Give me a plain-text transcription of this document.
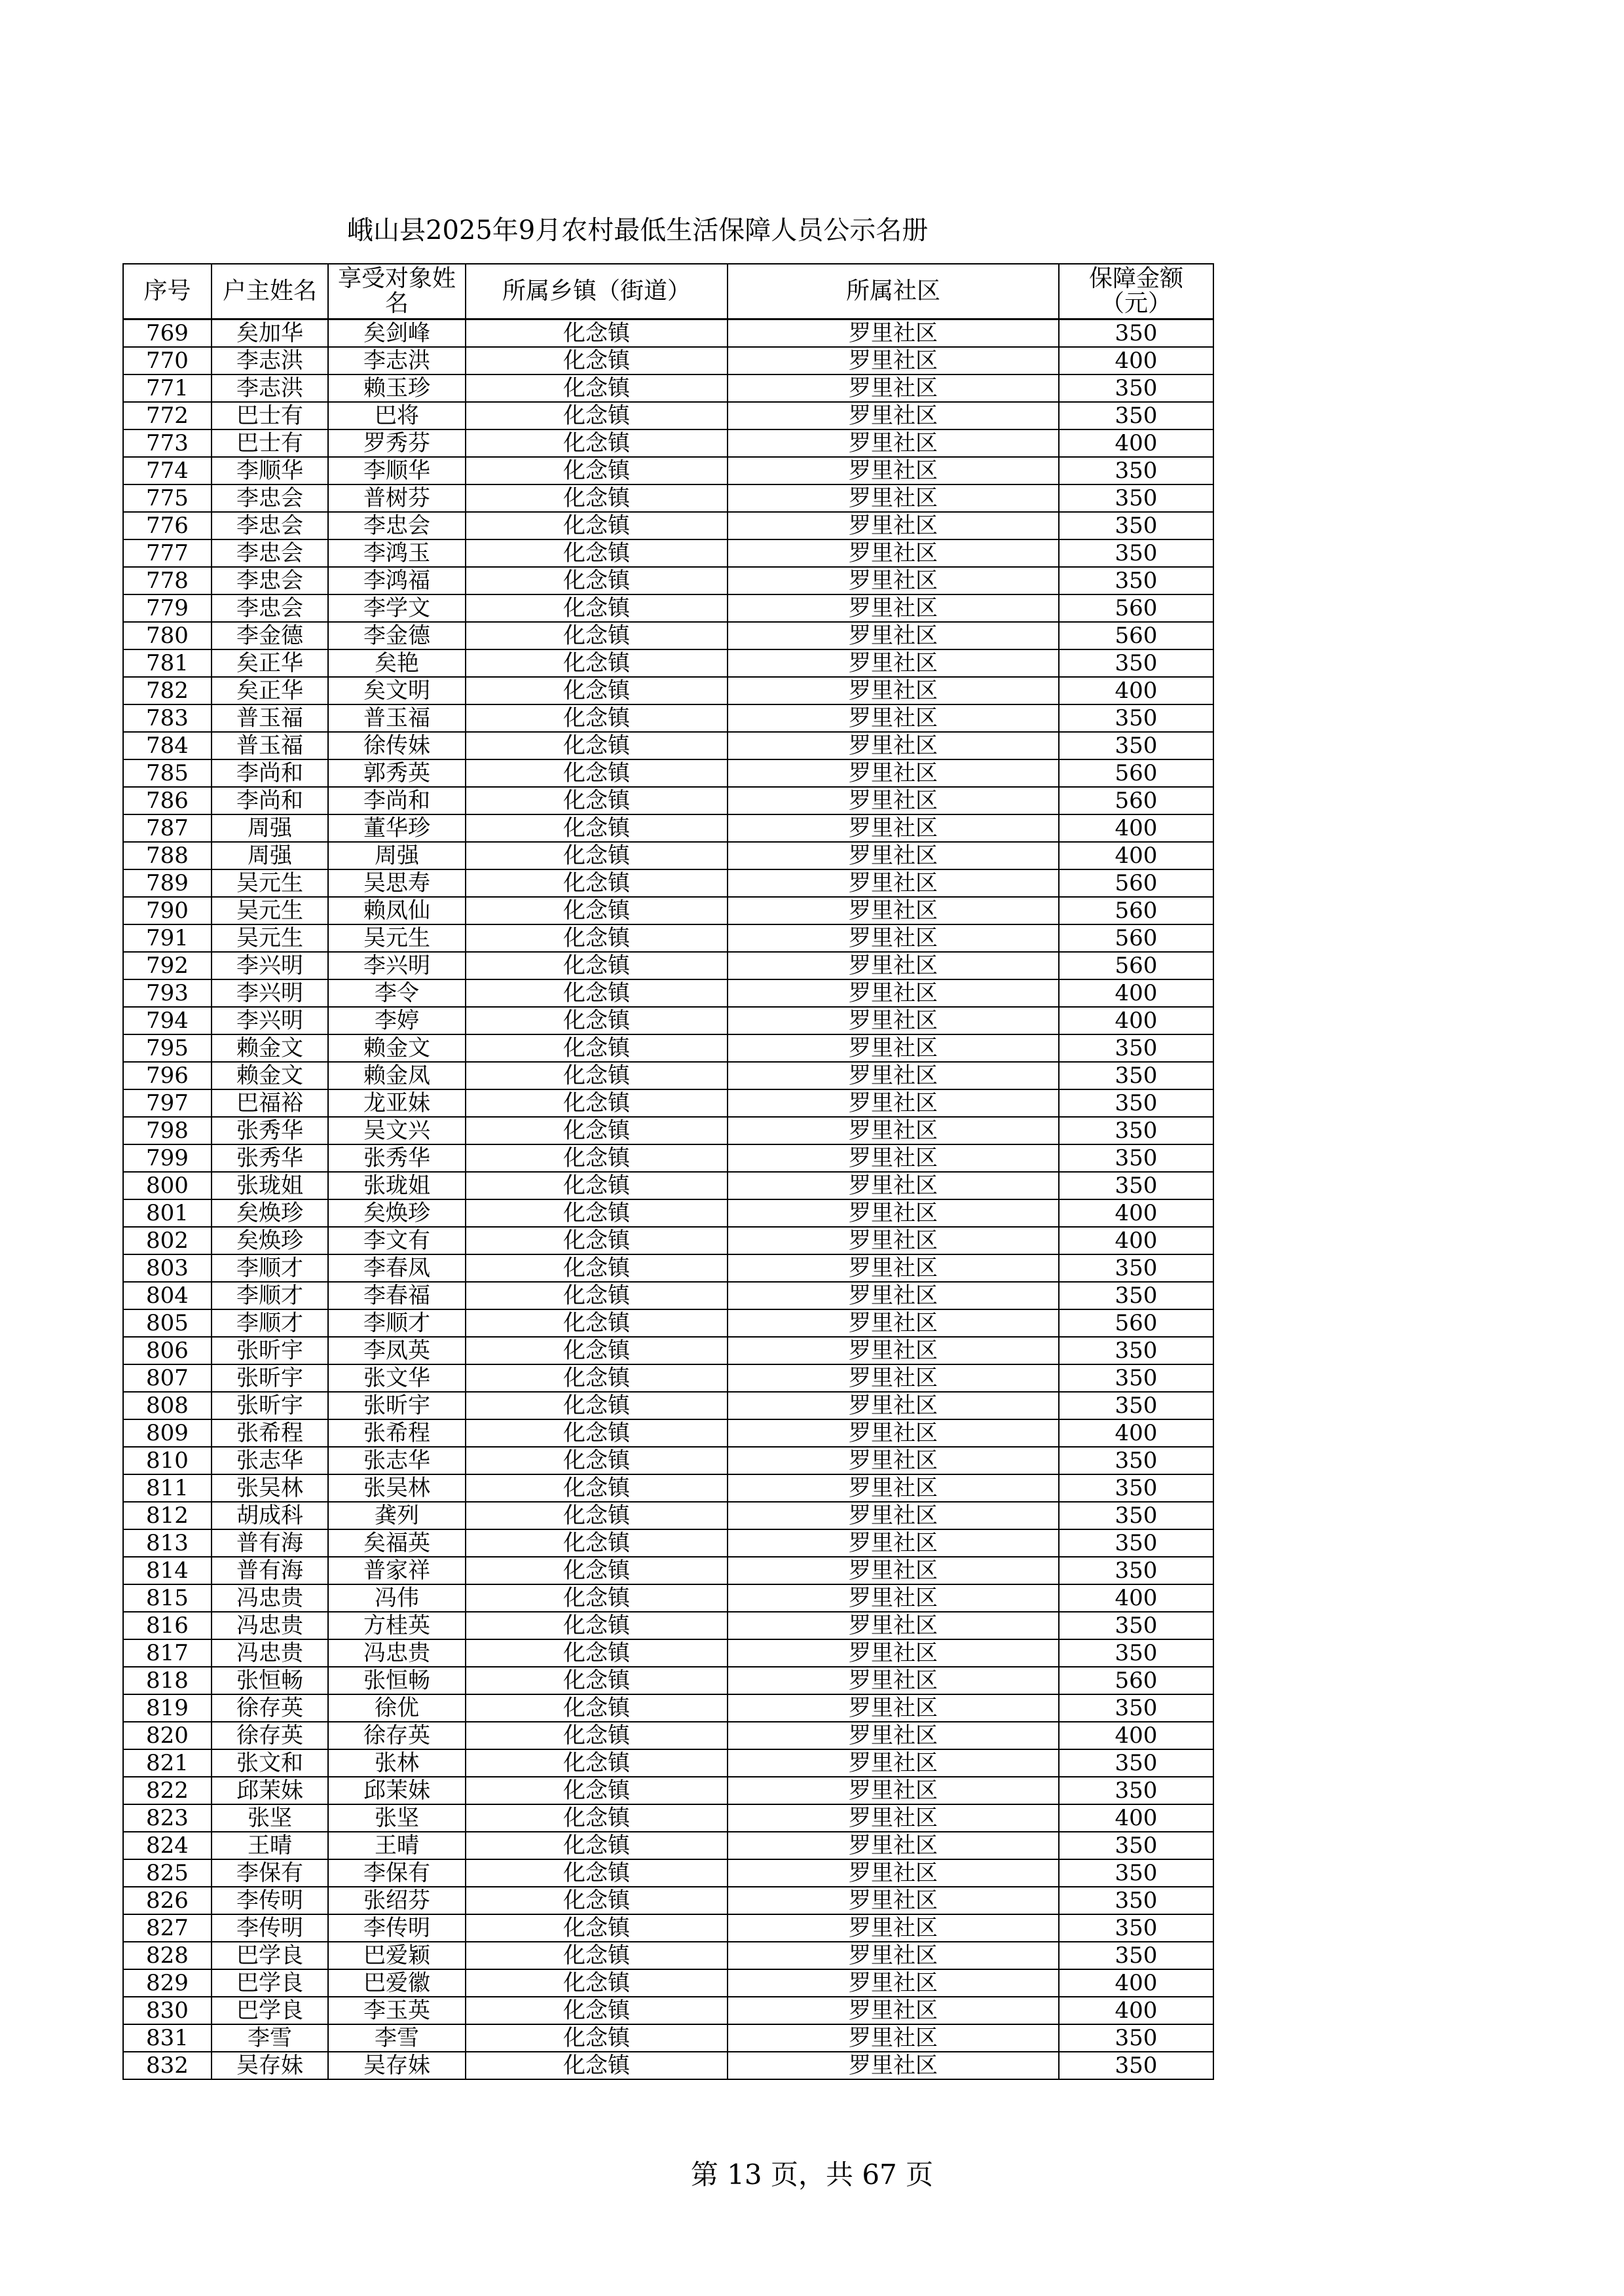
峨山县2025年9月农村最低生活保障人员公示名册
序号	户主姓名	享受对象姓名	所属乡镇（街道）	所属社区	保障金额（元）
769	矣加华	矣剑峰	化念镇	罗里社区	350
770	李志洪	李志洪	化念镇	罗里社区	400
771	李志洪	赖玉珍	化念镇	罗里社区	350
772	巴士有	巴将	化念镇	罗里社区	350
773	巴士有	罗秀芬	化念镇	罗里社区	400
774	李顺华	李顺华	化念镇	罗里社区	350
775	李忠会	普树芬	化念镇	罗里社区	350
776	李忠会	李忠会	化念镇	罗里社区	350
777	李忠会	李鸿玉	化念镇	罗里社区	350
778	李忠会	李鸿福	化念镇	罗里社区	350
779	李忠会	李学文	化念镇	罗里社区	560
780	李金德	李金德	化念镇	罗里社区	560
781	矣正华	矣艳	化念镇	罗里社区	350
782	矣正华	矣文明	化念镇	罗里社区	400
783	普玉福	普玉福	化念镇	罗里社区	350
784	普玉福	徐传妹	化念镇	罗里社区	350
785	李尚和	郭秀英	化念镇	罗里社区	560
786	李尚和	李尚和	化念镇	罗里社区	560
787	周强	董华珍	化念镇	罗里社区	400
788	周强	周强	化念镇	罗里社区	400
789	吴元生	吴思寿	化念镇	罗里社区	560
790	吴元生	赖凤仙	化念镇	罗里社区	560
791	吴元生	吴元生	化念镇	罗里社区	560
792	李兴明	李兴明	化念镇	罗里社区	560
793	李兴明	李令	化念镇	罗里社区	400
794	李兴明	李婷	化念镇	罗里社区	400
795	赖金文	赖金文	化念镇	罗里社区	350
796	赖金文	赖金凤	化念镇	罗里社区	350
797	巴福裕	龙亚妹	化念镇	罗里社区	350
798	张秀华	吴文兴	化念镇	罗里社区	350
799	张秀华	张秀华	化念镇	罗里社区	350
800	张珑姐	张珑姐	化念镇	罗里社区	350
801	矣焕珍	矣焕珍	化念镇	罗里社区	400
802	矣焕珍	李文有	化念镇	罗里社区	400
803	李顺才	李春凤	化念镇	罗里社区	350
804	李顺才	李春福	化念镇	罗里社区	350
805	李顺才	李顺才	化念镇	罗里社区	560
806	张昕宇	李凤英	化念镇	罗里社区	350
807	张昕宇	张文华	化念镇	罗里社区	350
808	张昕宇	张昕宇	化念镇	罗里社区	350
809	张希程	张希程	化念镇	罗里社区	400
810	张志华	张志华	化念镇	罗里社区	350
811	张吴林	张吴林	化念镇	罗里社区	350
812	胡成科	龚列	化念镇	罗里社区	350
813	普有海	矣福英	化念镇	罗里社区	350
814	普有海	普家祥	化念镇	罗里社区	350
815	冯忠贵	冯伟	化念镇	罗里社区	400
816	冯忠贵	方桂英	化念镇	罗里社区	350
817	冯忠贵	冯忠贵	化念镇	罗里社区	350
818	张恒畅	张恒畅	化念镇	罗里社区	560
819	徐存英	徐优	化念镇	罗里社区	350
820	徐存英	徐存英	化念镇	罗里社区	400
821	张文和	张林	化念镇	罗里社区	350
822	邱茉妹	邱茉妹	化念镇	罗里社区	350
823	张坚	张坚	化念镇	罗里社区	400
824	王晴	王晴	化念镇	罗里社区	350
825	李保有	李保有	化念镇	罗里社区	350
826	李传明	张绍芬	化念镇	罗里社区	350
827	李传明	李传明	化念镇	罗里社区	350
828	巴学良	巴爱颖	化念镇	罗里社区	350
829	巴学良	巴爱徽	化念镇	罗里社区	400
830	巴学良	李玉英	化念镇	罗里社区	400
831	李雪	李雪	化念镇	罗里社区	350
832	吴存妹	吴存妹	化念镇	罗里社区	350
第 13 页，共 67 页
